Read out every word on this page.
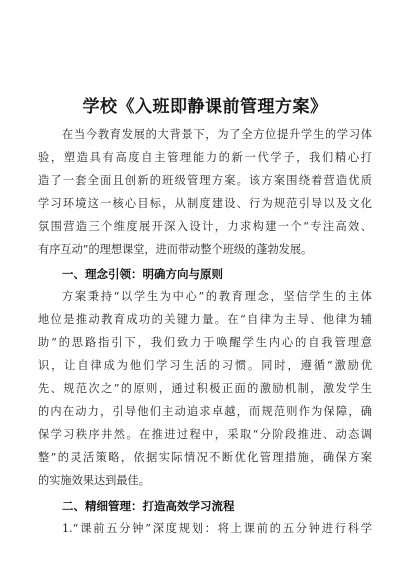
学校《入班即静课前管理方案》
在当今教育发展的大背景下，为了全方位提升学生的学习体
验，塑造具有高度自主管理能力的新一代学子，我们精心打
造了一套全面且创新的班级管理方案。该方案围绕着营造优质
学习环境这一核心目标，从制度建设、行为规范引导以及文化
氛围营造三个维度展开深入设计，力求构建一个“专注高效、
有序互动”的理想课堂，进而带动整个班级的蓬勃发展。
一、理念引领：明确方向与原则
方案秉持“以学生为中心”的教育理念，坚信学生的主体
地位是推动教育成功的关键力量。在“自律为主导、他律为辅
助”的思路指引下，我们致力于唤醒学生内心的自我管理意
识，让自律成为他们学习生活的习惯。同时，遵循“激励优
先、规范次之”的原则，通过积极正面的激励机制，激发学生
的内在动力，引导他们主动追求卓越，而规范则作为保障，确
保学习秩序井然。在推进过程中，采取“分阶段推进、动态调
整”的灵活策略，依据实际情况不断优化管理措施，确保方案
的实施效果达到最佳。
二、精细管理：打造高效学习流程
1.“课前五分钟”深度规划：将上课前的五分钟进行科学
